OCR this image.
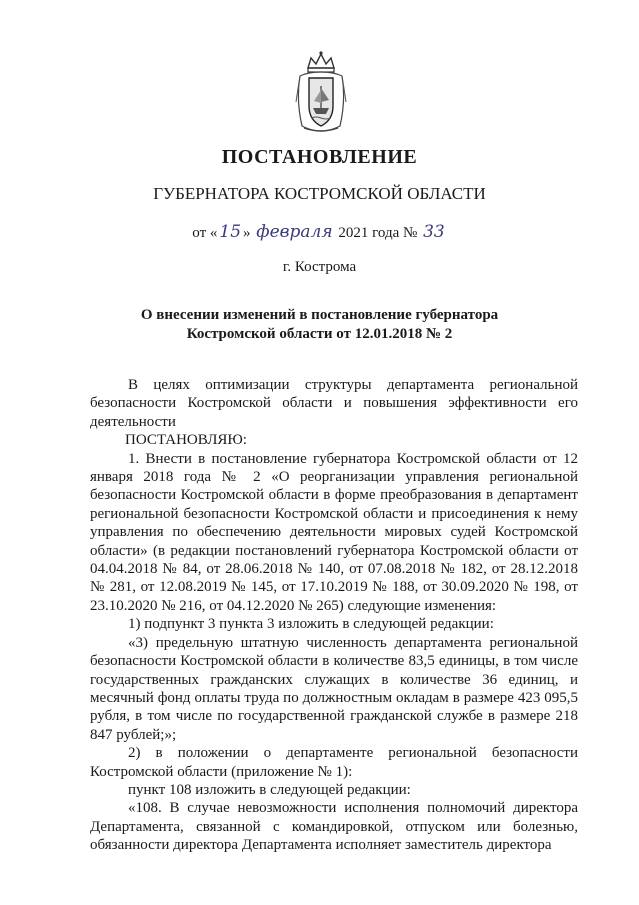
ПОСТАНОВЛЕНИЕ
ГУБЕРНАТОРА КОСТРОМСКОЙ ОБЛАСТИ
от « 15 » февраля 2021 года № 33
г. Кострома
О внесении изменений в постановление губернатора
Костромской области от 12.01.2018 № 2

В целях оптимизации структуры департамента региональной безопасности Костромской области и повышения эффективности его деятельности

ПОСТАНОВЛЯЮ:

1. Внести в постановление губернатора Костромской области от 12 января 2018 года № 2 «О реорганизации управления региональной безопасности Костромской области в форме преобразования в департамент региональной безопасности Костромской области и присоединения к нему управления по обеспечению деятельности мировых судей Костромской области» (в редакции постановлений губернатора Костромской области от 04.04.2018 № 84, от 28.06.2018 № 140, от 07.08.2018 № 182, от 28.12.2018 № 281, от 12.08.2019 № 145, от 17.10.2019 № 188, от 30.09.2020 № 198, от 23.10.2020 № 216, от 04.12.2020 № 265) следующие изменения:

1) подпункт 3 пункта 3 изложить в следующей редакции:

«3) предельную штатную численность департамента региональной безопасности Костромской области в количестве 83,5 единицы, в том числе государственных гражданских служащих в количестве 36 единиц, и месячный фонд оплаты труда по должностным окладам в размере 423 095,5 рубля, в том числе по государственной гражданской службе в размере 218 847 рублей;»;

2) в положении о департаменте региональной безопасности Костромской области (приложение № 1):

пункт 108 изложить в следующей редакции:

«108. В случае невозможности исполнения полномочий директора Департамента, связанной с командировкой, отпуском или болезнью, обязанности директора Департамента исполняет заместитель директора
